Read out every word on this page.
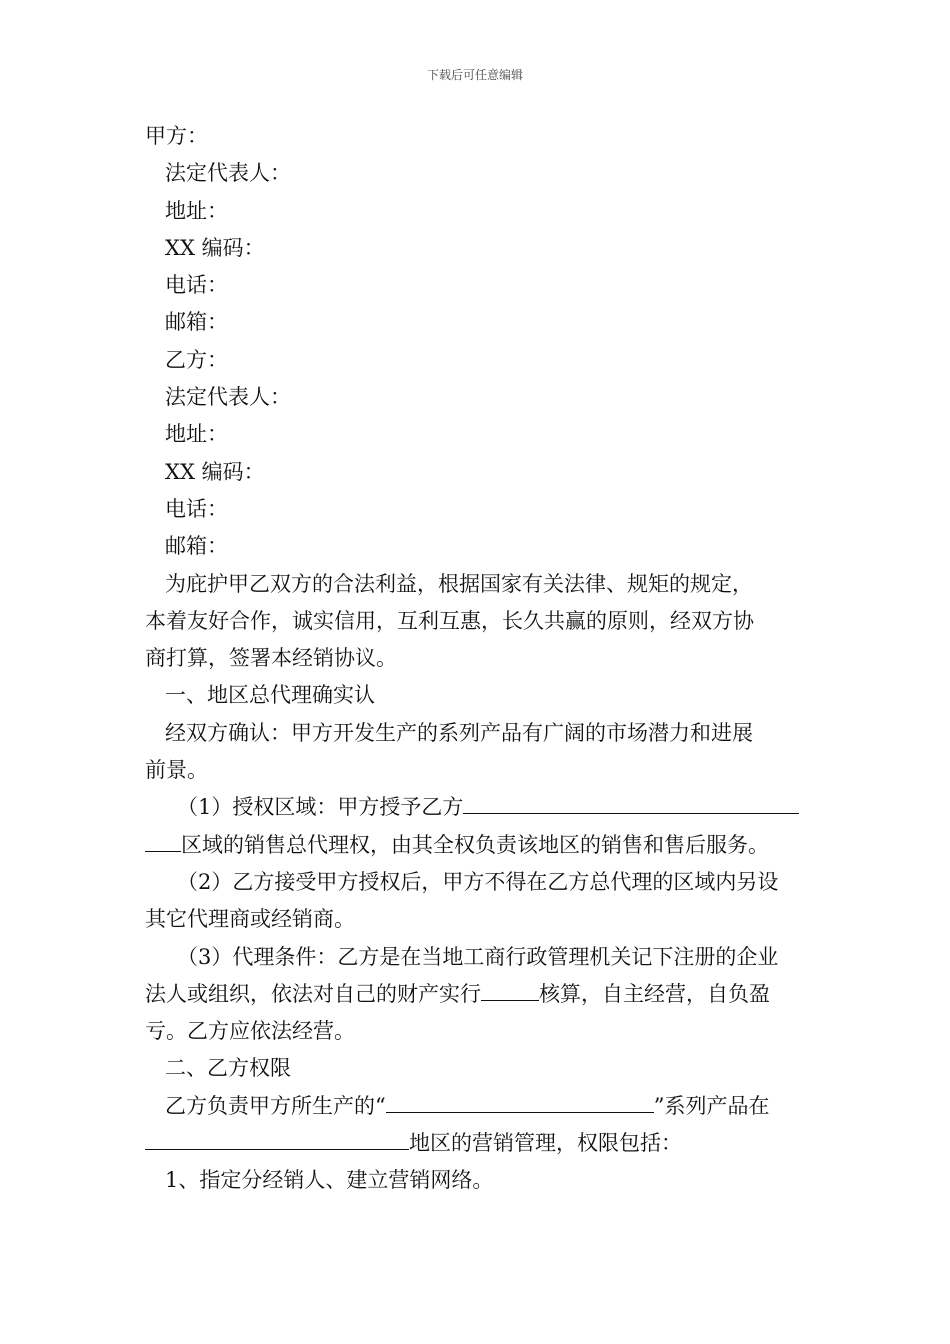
下载后可任意编辑
甲方：
法定代表人：
地址：
XX 编码：
电话：
邮箱：
乙方：
法定代表人：
地址：
XX 编码：
电话：
邮箱：
为庇护甲乙双方的合法利益，根据国家有关法律、规矩的规定，
本着友好合作，诚实信用，互利互惠，长久共赢的原则，经双方协
商打算，签署本经销协议。
一、地区总代理确实认
经双方确认：甲方开发生产的系列产品有广阔的市场潜力和进展
前景。
（1）授权区域：甲方授予乙方
区域的销售总代理权，由其全权负责该地区的销售和售后服务。
（2）乙方接受甲方授权后，甲方不得在乙方总代理的区域内另设
其它代理商或经销商。
（3）代理条件：乙方是在当地工商行政管理机关记下注册的企业
法人或组织，依法对自己的财产实行	核算，自主经营，自负盈
亏。乙方应依法经营。
二、乙方权限
乙方负责甲方所生产的“	”系列产品在
地区的营销管理，权限包括：
1、指定分经销人、建立营销网络。
